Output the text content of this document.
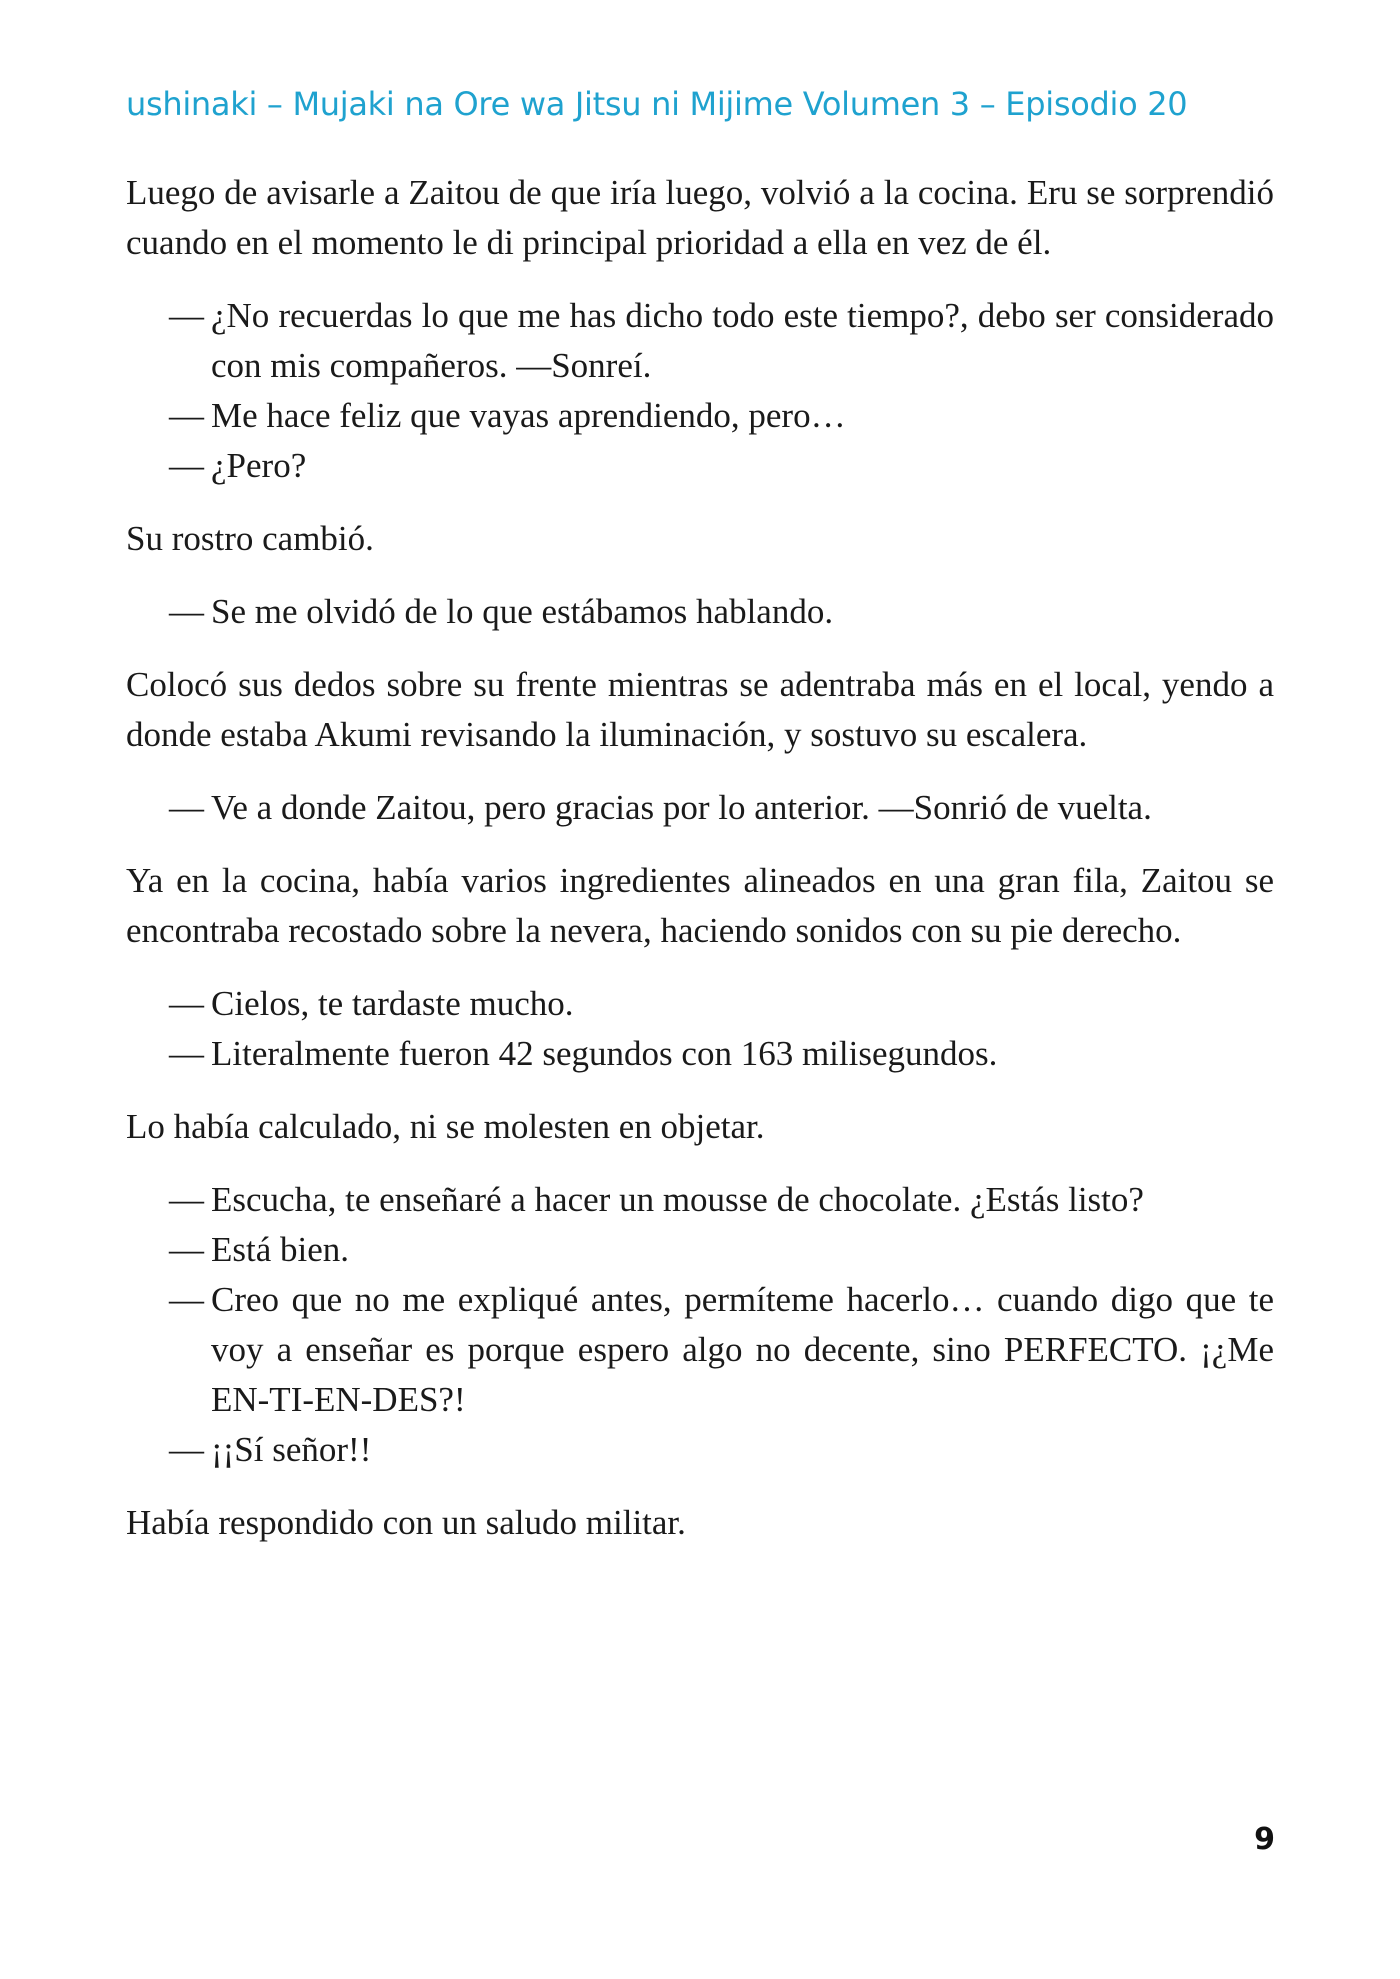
ushinaki – Mujaki na Ore wa Jitsu ni Mijime Volumen 3 – Episodio 20

Luego de avisarle a Zaitou de que iría luego, volvió a la cocina. Eru se sorprendió cuando en el momento le di principal prioridad a ella en vez de él.

— ¿No recuerdas lo que me has dicho todo este tiempo?, debo ser considerado con mis compañeros. —Sonreí.

— Me hace feliz que vayas aprendiendo, pero…

— ¿Pero?

Su rostro cambió.

— Se me olvidó de lo que estábamos hablando.

Colocó sus dedos sobre su frente mientras se adentraba más en el local, yendo a donde estaba Akumi revisando la iluminación, y sostuvo su escalera.

— Ve a donde Zaitou, pero gracias por lo anterior. —Sonrió de vuelta.

Ya en la cocina, había varios ingredientes alineados en una gran fila, Zaitou se encontraba recostado sobre la nevera, haciendo sonidos con su pie derecho.

— Cielos, te tardaste mucho.

— Literalmente fueron 42 segundos con 163 milisegundos.

Lo había calculado, ni se molesten en objetar.

— Escucha, te enseñaré a hacer un mousse de chocolate. ¿Estás listo?

— Está bien.

— Creo que no me expliqué antes, permíteme hacerlo… cuando digo que te voy a enseñar es porque espero algo no decente, sino PERFECTO. ¡¿Me EN-TI-EN-DES?!

— ¡¡Sí señor!!

Había respondido con un saludo militar.

9
